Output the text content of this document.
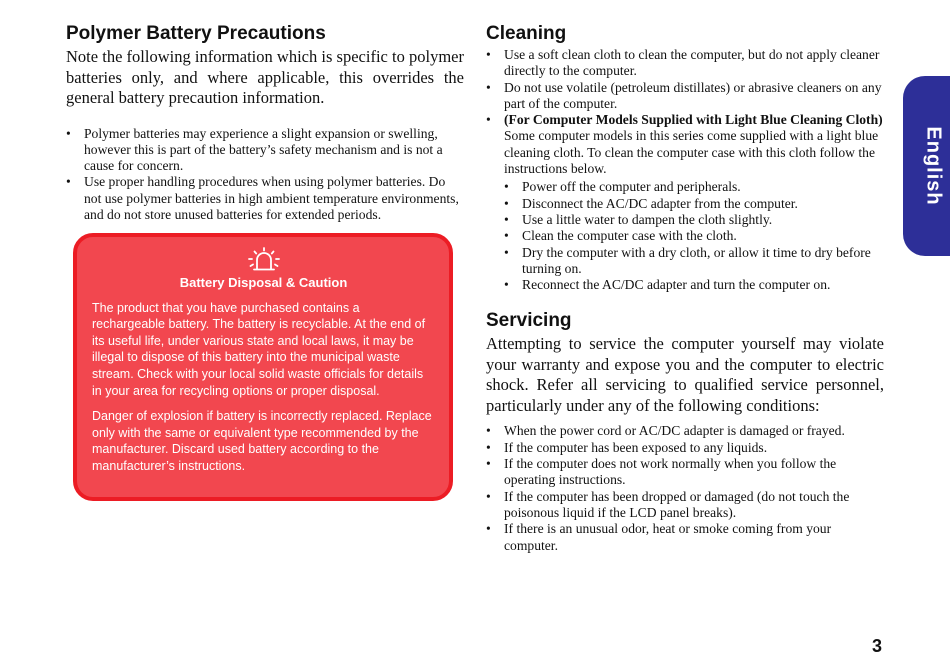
Polymer Battery Precautions

Note the following information which is specific to polymer batteries only, and where applicable, this overrides the general battery precaution information.

• Polymer batteries may experience a slight expansion or swelling, however this is part of the battery’s safety mechanism and is not a cause for concern.
• Use proper handling procedures when using polymer batteries. Do not use polymer batteries in high ambient temperature environments, and do not store unused batteries for extended periods.
Battery Disposal & Caution

The product that you have purchased contains a rechargeable battery. The battery is recyclable. At the end of its useful life, under various state and local laws, it may be illegal to dispose of this battery into the municipal waste stream. Check with your local solid waste officials for details in your area for recycling options or proper disposal.

Danger of explosion if battery is incorrectly replaced. Replace only with the same or equivalent type recommended by the manufacturer. Discard used battery according to the manufacturer’s instructions.

Cleaning
• Use a soft clean cloth to clean the computer, but do not apply cleaner directly to the computer.
• Do not use volatile (petroleum distillates) or abrasive cleaners on any part of the computer.
• (For Computer Models Supplied with Light Blue Cleaning Cloth) Some computer models in this series come supplied with a light blue cleaning cloth. To clean the computer case with this cloth follow the instructions below.
• Power off the computer and peripherals.
• Disconnect the AC/DC adapter from the computer.
• Use a little water to dampen the cloth slightly.
• Clean the computer case with the cloth.
• Dry the computer with a dry cloth, or allow it time to dry before turning on.
• Reconnect the AC/DC adapter and turn the computer on.
Servicing

Attempting to service the computer yourself may violate your warranty and expose you and the computer to electric shock. Refer all servicing to qualified service personnel, particularly under any of the following conditions:

• When the power cord or AC/DC adapter is damaged or frayed.
• If the computer has been exposed to any liquids.
• If the computer does not work normally when you follow the operating instructions.
• If the computer has been dropped or damaged (do not touch the poisonous liquid if the LCD panel breaks).
• If there is an unusual odor, heat or smoke coming from your computer.
English
3
